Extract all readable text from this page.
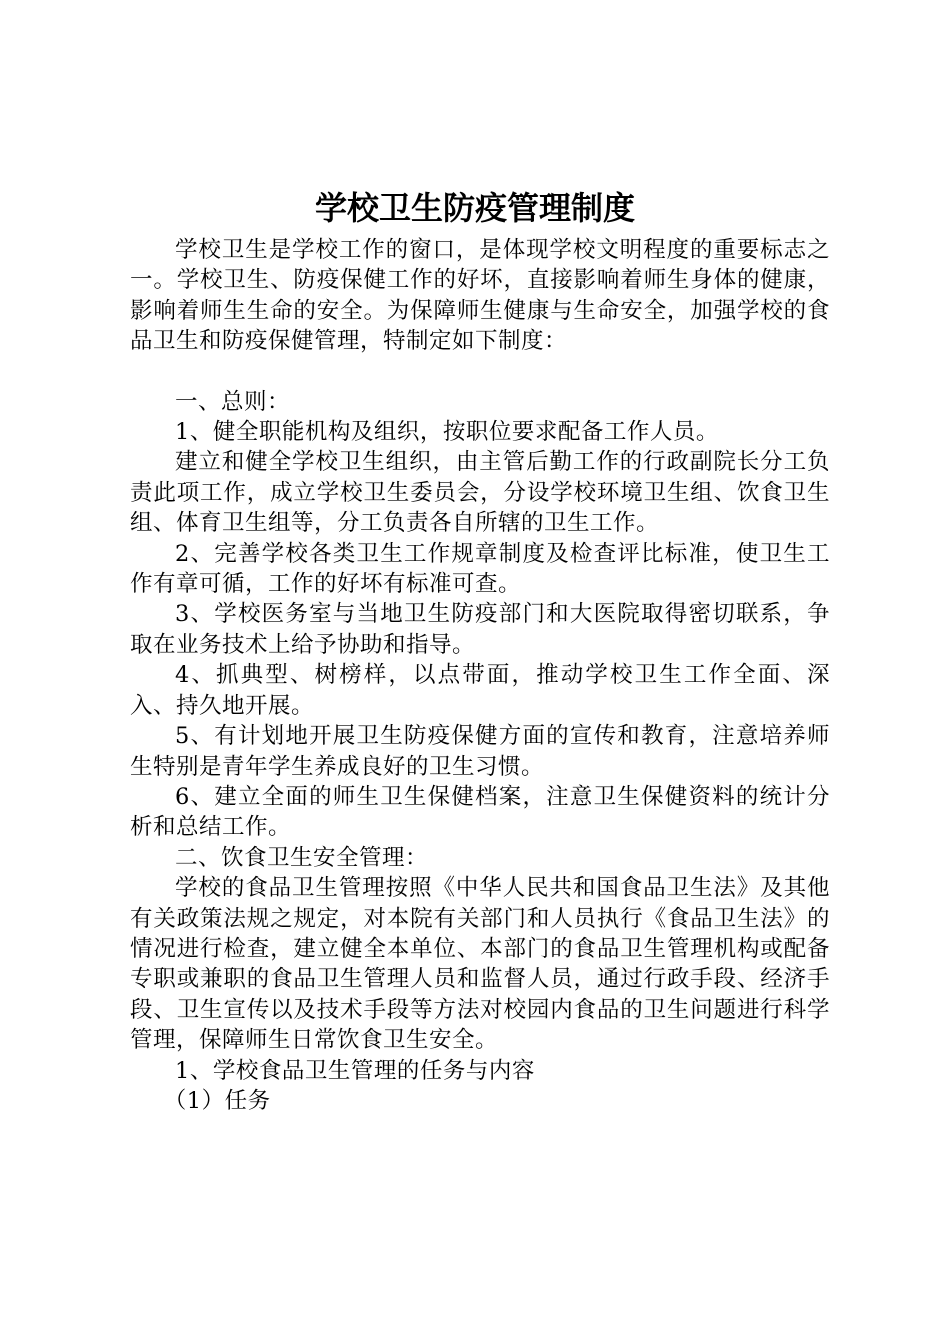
学校卫生防疫管理制度

学校卫生是学校工作的窗口，是体现学校文明程度的重要标志之一。学校卫生、防疫保健工作的好坏，直接影响着师生身体的健康，影响着师生生命的安全。为保障师生健康与生命安全，加强学校的食品卫生和防疫保健管理，特制定如下制度：

一、总则：

1、健全职能机构及组织，按职位要求配备工作人员。

建立和健全学校卫生组织，由主管后勤工作的行政副院长分工负责此项工作，成立学校卫生委员会，分设学校环境卫生组、饮食卫生组、体育卫生组等，分工负责各自所辖的卫生工作。

2、完善学校各类卫生工作规章制度及检查评比标准，使卫生工作有章可循，工作的好坏有标准可查。

3、学校医务室与当地卫生防疫部门和大医院取得密切联系，争取在业务技术上给予协助和指导。

4、抓典型、树榜样，以点带面，推动学校卫生工作全面、深入、持久地开展。

5、有计划地开展卫生防疫保健方面的宣传和教育，注意培养师生特别是青年学生养成良好的卫生习惯。

6、建立全面的师生卫生保健档案，注意卫生保健资料的统计分析和总结工作。

二、饮食卫生安全管理：

学校的食品卫生管理按照《中华人民共和国食品卫生法》及其他有关政策法规之规定，对本院有关部门和人员执行《食品卫生法》的情况进行检查，建立健全本单位、本部门的食品卫生管理机构或配备专职或兼职的食品卫生管理人员和监督人员，通过行政手段、经济手段、卫生宣传以及技术手段等方法对校园内食品的卫生问题进行科学管理，保障师生日常饮食卫生安全。

1、学校食品卫生管理的任务与内容

（1）任务
